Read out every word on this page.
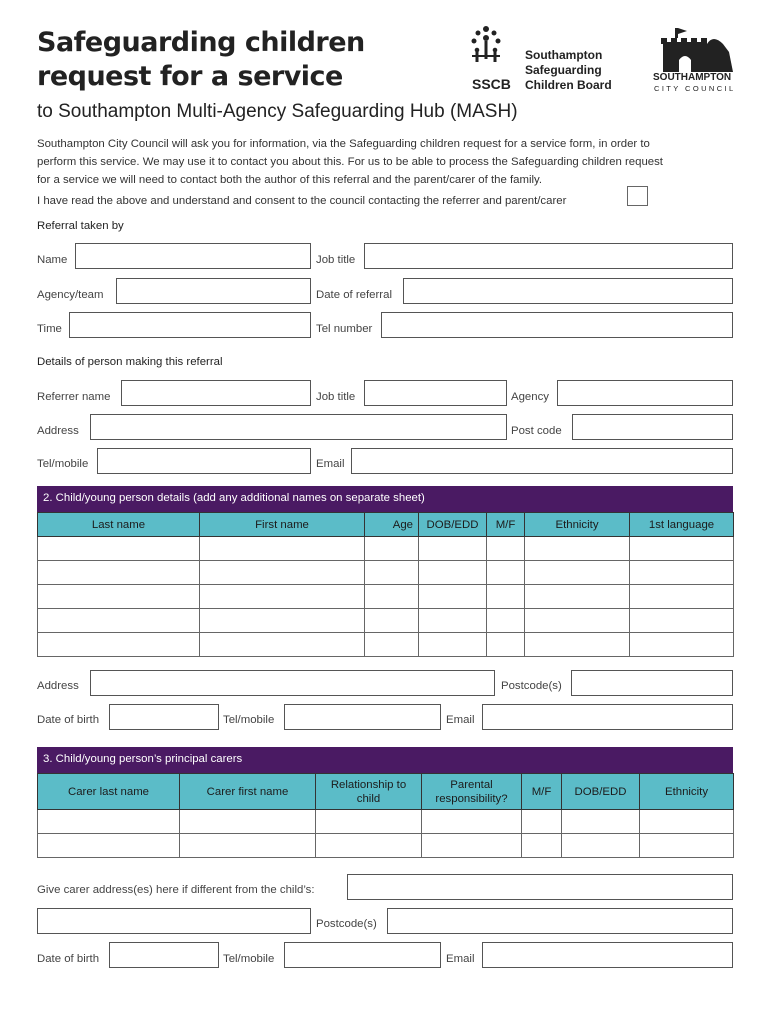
Safeguarding children
request for a service
to Southampton Multi-Agency Safeguarding Hub (MASH)
Southampton
Safeguarding
Children Board
SSCB	SOUTHAMPTON
CITY COUNCIL
Southampton City Council will ask you for information, via the Safeguarding children request for a service form, in order to
perform this service. We may use it to contact you about this. For us to be able to process the Safeguarding children request
for a service we will need to contact both the author of this referral and the parent/carer of the family.
I have read the above and understand and consent to the council contacting the referrer and parent/carer
Referral taken by
Name	Job title
Agency/team	Date of referral
Time	Tel number
Details of person making this referral
Referrer name	Job title	Agency
Address	Post code
Tel/mobile	Email
2. Child/young person details (add any additional names on separate sheet)
Last name	First name	Age	DOB/EDD	M/F	Ethnicity	1st language

Address	Postcode(s)
Date of birth	Tel/mobile	Email
3. Child/young person’s principal carers
Carer last name	Carer first name	Relationship to child	Parental responsibility?	M/F	DOB/EDD	Ethnicity

Give carer address(es) here if different from the child’s:
Postcode(s)
Date of birth	Tel/mobile	Email
